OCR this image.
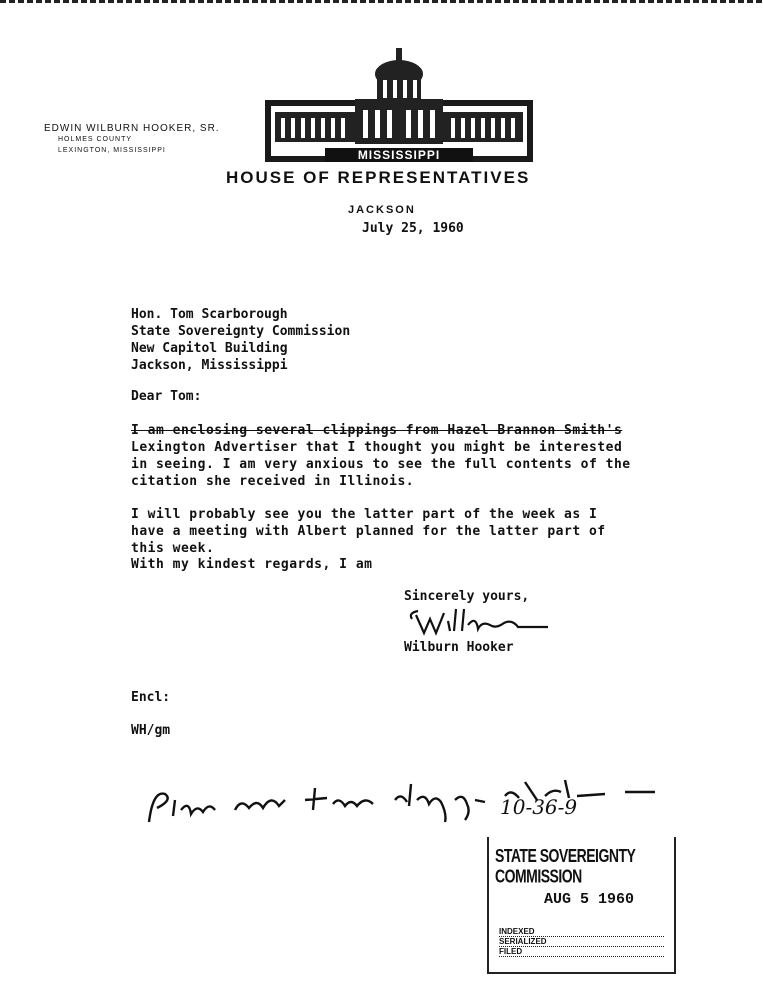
EDWIN WILBURN HOOKER, SR.
HOLMES COUNTY
LEXINGTON, MISSISSIPPI	MISSISSIPPI
HOUSE OF REPRESENTATIVES
JACKSON
July 25, 1960
Hon. Tom Scarborough
State Sovereignty Commission
New Capitol Building
Jackson, Mississippi
Dear Tom:
I am enclosing several clippings from Hazel Brannon Smith's Lexington Advertiser that I thought you might be interested in seeing. I am very anxious to see the full contents of the citation she received in Illinois.
I will probably see you the latter part of the week as I have a meeting with Albert planned for the latter part of this week.
With my kindest regards, I am
Sincerely yours,
Wilburn Hooker
Encl:
WH/gm
10-36-9
STATE SOVEREIGNTY COMMISSION
AUG 5 1960
INDEXED
SERIALIZED
FILED
